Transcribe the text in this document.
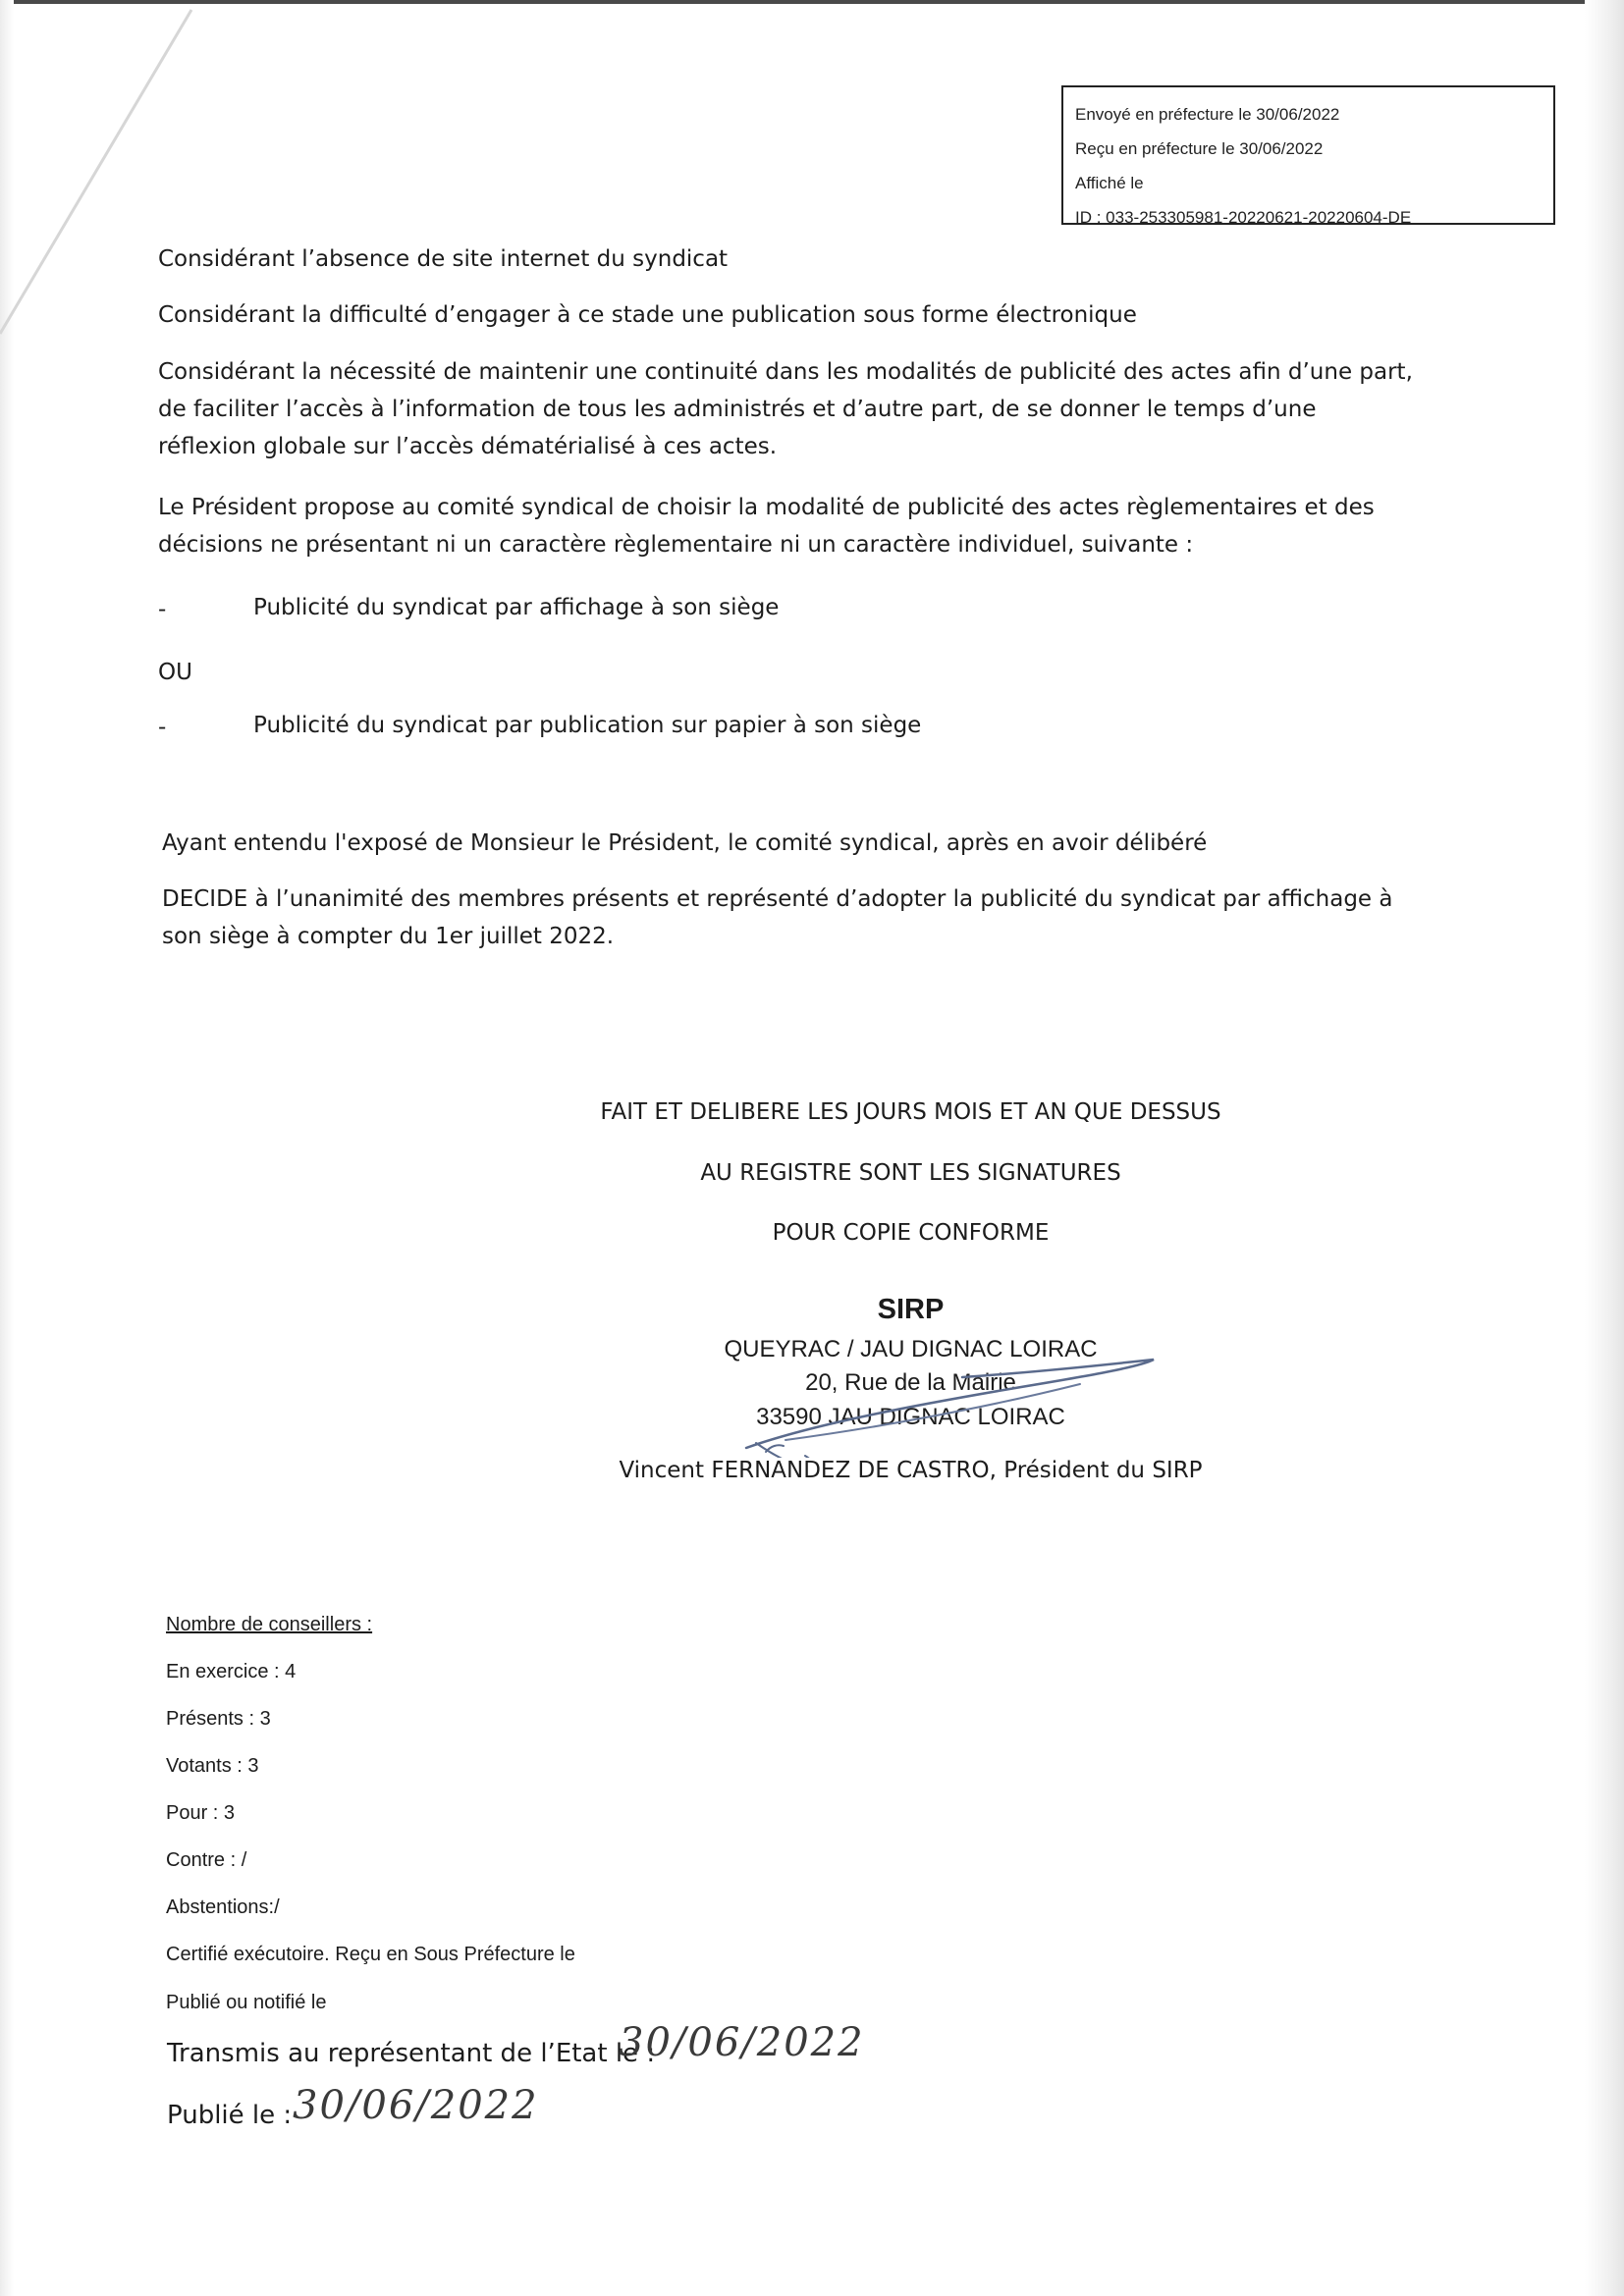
Envoyé en préfecture le 30/06/2022
Reçu en préfecture le 30/06/2022
Affiché le
ID : 033-253305981-20220621-20220604-DE
Considérant l’absence de site internet du syndicat
Considérant la difficulté d’engager à ce stade une publication sous forme électronique
Considérant la nécessité de maintenir une continuité dans les modalités de publicité des actes afin d’une part,
de faciliter l’accès à l’information de tous les administrés et d’autre part, de se donner le temps d’une
réflexion globale sur l’accès dématérialisé à ces actes.
Le Président propose au comité syndical de choisir la modalité de publicité des actes règlementaires et des
décisions ne présentant ni un caractère règlementaire ni un caractère individuel, suivante :
-	Publicité du syndicat par affichage à son siège
OU
-	Publicité du syndicat par publication sur papier à son siège
Ayant entendu l'exposé de Monsieur le Président, le comité syndical, après en avoir délibéré
DECIDE à l’unanimité des membres présents et représenté d’adopter la publicité du syndicat par affichage à
son siège à compter du 1er juillet 2022.
FAIT ET DELIBERE LES JOURS MOIS ET AN QUE DESSUS
AU REGISTRE SONT LES SIGNATURES
POUR COPIE CONFORME
SIRP
QUEYRAC / JAU DIGNAC LOIRAC
20, Rue de la Mairie
33590 JAU DIGNAC LOIRAC
Vincent FERNANDEZ DE CASTRO, Président du SIRP
Nombre de conseillers :
En exercice : 4
Présents : 3
Votants : 3
Pour : 3
Contre : /
Abstentions:/
Certifié exécutoire. Reçu en Sous Préfecture le
Publié ou notifié le
Transmis au représentant de l’Etat le :
30/06/2022
Publié le : 30/06/2022
